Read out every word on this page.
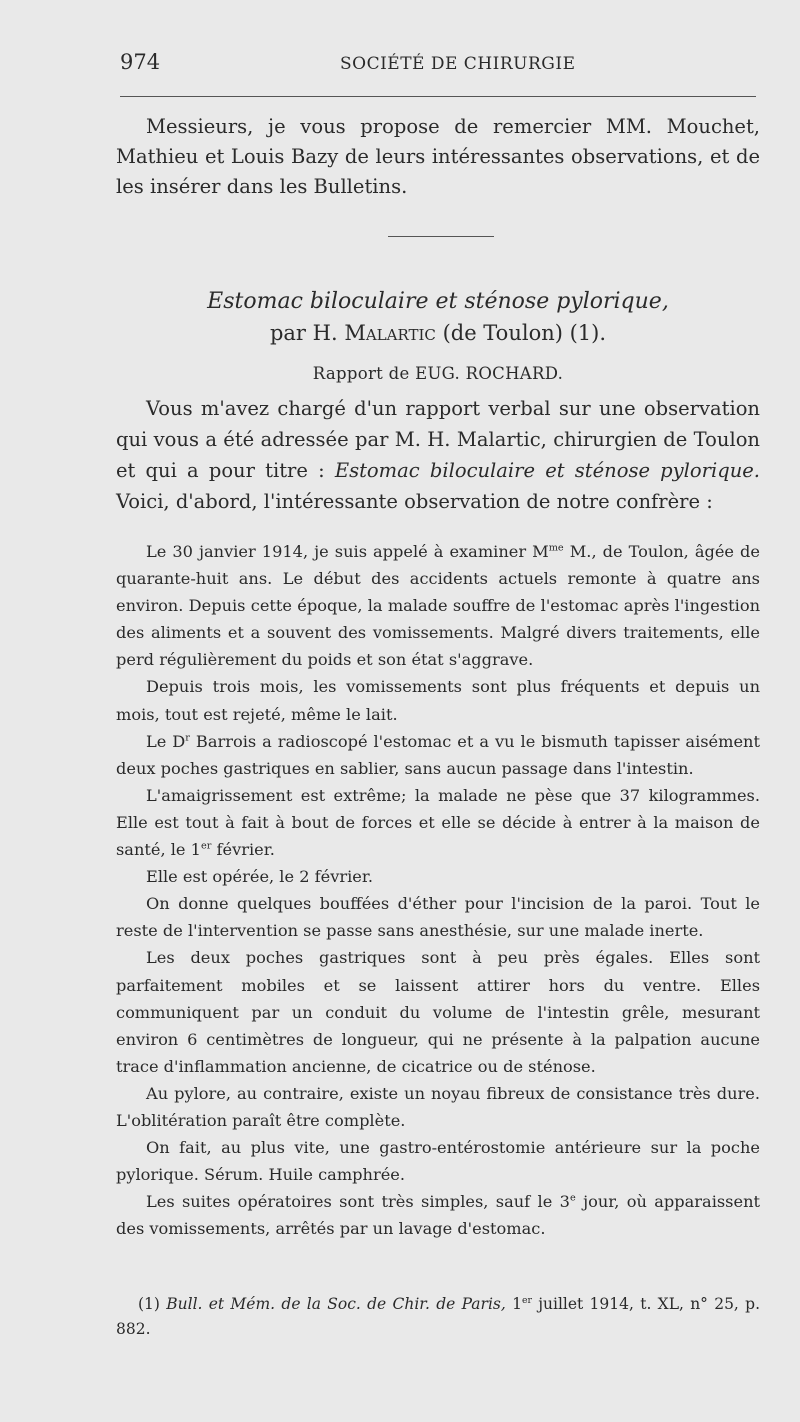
974	SOCIÉTÉ DE CHIRURGIE

Messieurs, je vous propose de remercier MM. Mouchet, Mathieu et Louis Bazy de leurs intéressantes observations, et de les insérer dans les Bulletins.

Estomac biloculaire et sténose pylorique,
par H. Malartic (de Toulon) (1).
Rapport de EUG. ROCHARD.

Vous m'avez chargé d'un rapport verbal sur une observation qui vous a été adressée par M. H. Malartic, chirurgien de Toulon et qui a pour titre : Estomac biloculaire et sténose pylorique. Voici, d'abord, l'intéressante observation de notre confrère :

Le 30 janvier 1914, je suis appelé à examiner $M^{me}$ M., de Toulon, âgée de quarante-huit ans. Le début des accidents actuels remonte à quatre ans environ. Depuis cette époque, la malade souffre de l'estomac après l'ingestion des aliments et a souvent des vomissements. Malgré divers traitements, elle perd régulièrement du poids et son état s'aggrave.

Depuis trois mois, les vomissements sont plus fréquents et depuis un mois, tout est rejeté, même le lait.

Le $D^r$ Barrois a radioscopé l'estomac et a vu le bismuth tapisser aisément deux poches gastriques en sablier, sans aucun passage dans l'intestin.

L'amaigrissement est extrême; la malade ne pèse que 37 kilogrammes. Elle est tout à fait à bout de forces et elle se décide à entrer à la maison de santé, le 1er février.

Elle est opérée, le 2 février.

On donne quelques bouffées d'éther pour l'incision de la paroi. Tout le reste de l'intervention se passe sans anesthésie, sur une malade inerte.

Les deux poches gastriques sont à peu près égales. Elles sont parfaitement mobiles et se laissent attirer hors du ventre. Elles communiquent par un conduit du volume de l'intestin grêle, mesurant environ 6 centimètres de longueur, qui ne présente à la palpation aucune trace d'inflammation ancienne, de cicatrice ou de sténose.

Au pylore, au contraire, existe un noyau fibreux de consistance très dure. L'oblitération paraît être complète.

On fait, au plus vite, une gastro-entérostomie antérieure sur la poche pylorique. Sérum. Huile camphrée.

Les suites opératoires sont très simples, sauf le 3e jour, où apparaissent des vomissements, arrêtés par un lavage d'estomac.

(1) Bull. et Mém. de la Soc. de Chir. de Paris, 1er juillet 1914, t. XL, n° 25, p. 882.
